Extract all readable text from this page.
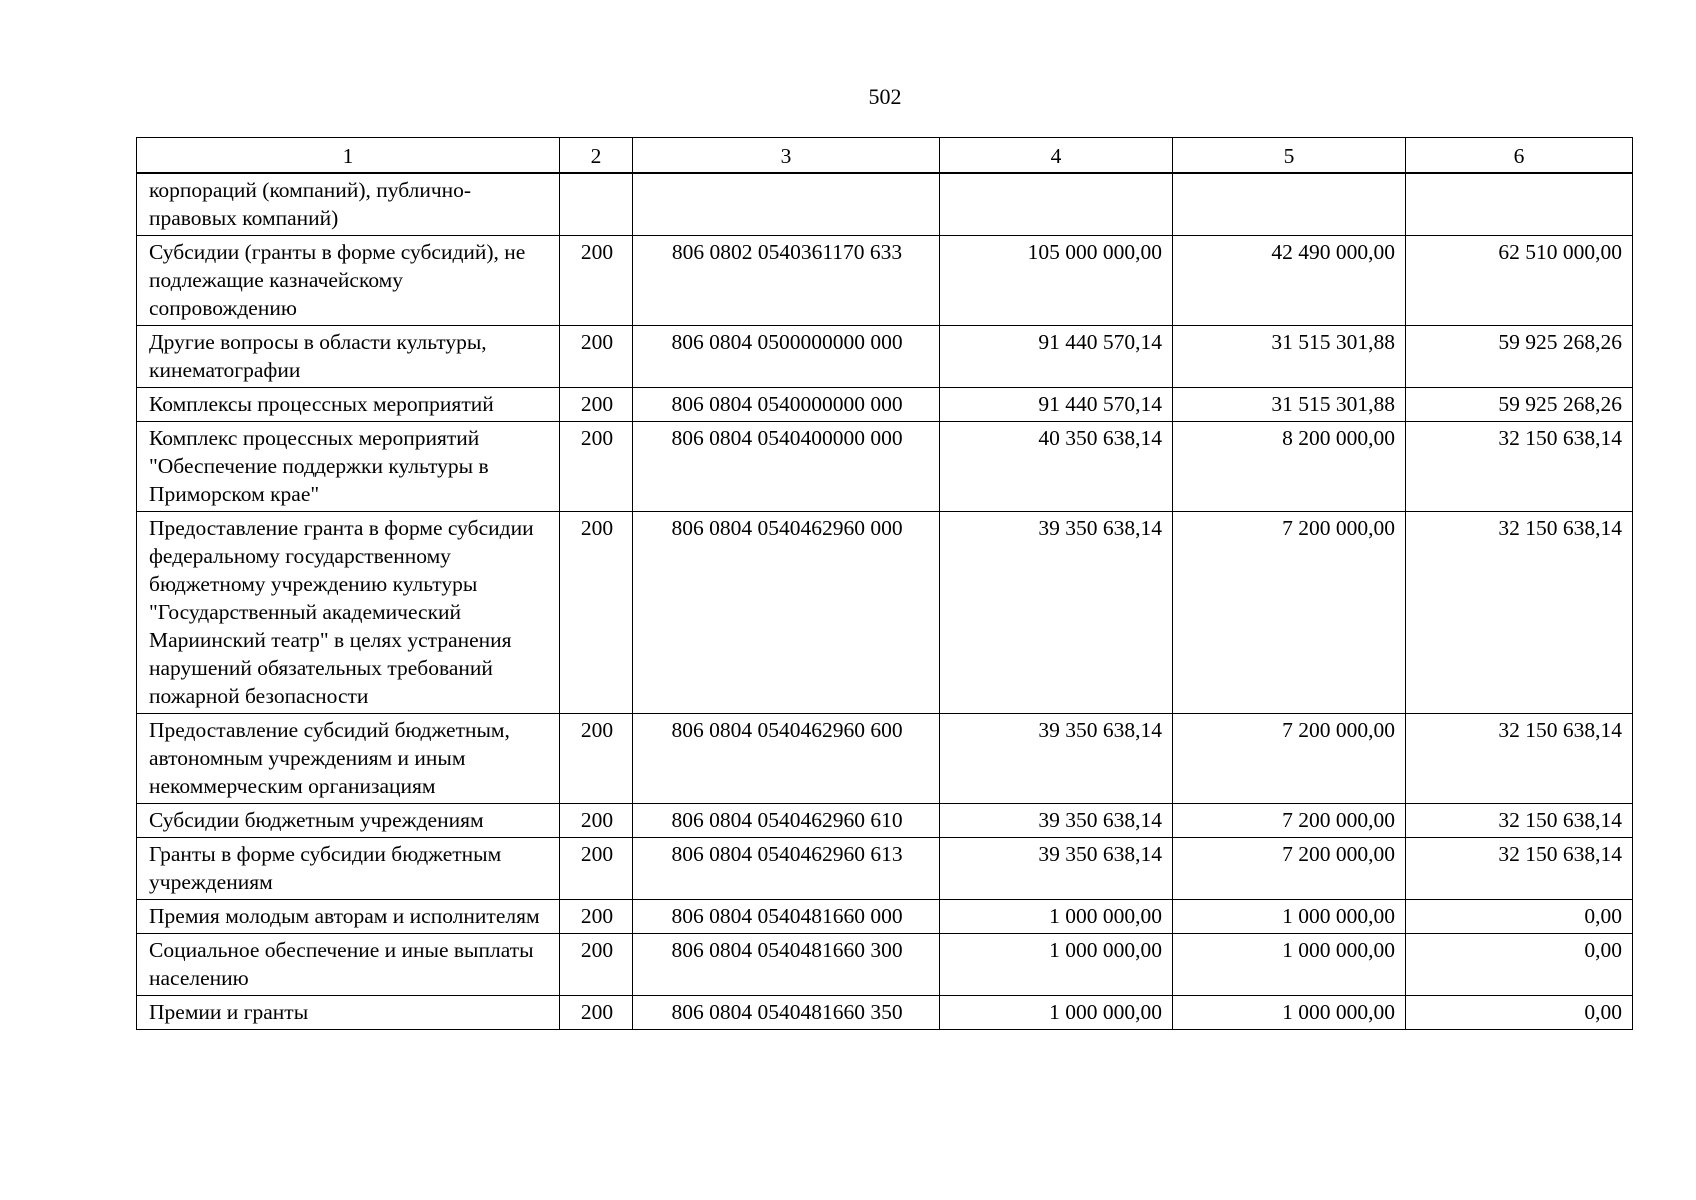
502
1	2	3	4	5	6
корпораций (компаний), публично-правовых компаний)					
Субсидии (гранты в форме субсидий), не подлежащие казначейскому сопровождению	200	806 0802 0540361170 633	105 000 000,00	42 490 000,00	62 510 000,00
Другие вопросы в области культуры, кинематографии	200	806 0804 0500000000 000	91 440 570,14	31 515 301,88	59 925 268,26
Комплексы процессных мероприятий	200	806 0804 0540000000 000	91 440 570,14	31 515 301,88	59 925 268,26
Комплекс процессных мероприятий "Обеспечение поддержки культуры в Приморском крае"	200	806 0804 0540400000 000	40 350 638,14	8 200 000,00	32 150 638,14
Предоставление гранта в форме субсидии федеральному государственному бюджетному учреждению культуры "Государственный академический Мариинский театр" в целях устранения нарушений обязательных требований пожарной безопасности	200	806 0804 0540462960 000	39 350 638,14	7 200 000,00	32 150 638,14
Предоставление субсидий бюджетным, автономным учреждениям и иным некоммерческим организациям	200	806 0804 0540462960 600	39 350 638,14	7 200 000,00	32 150 638,14
Субсидии бюджетным учреждениям	200	806 0804 0540462960 610	39 350 638,14	7 200 000,00	32 150 638,14
Гранты в форме субсидии бюджетным учреждениям	200	806 0804 0540462960 613	39 350 638,14	7 200 000,00	32 150 638,14
Премия молодым авторам и исполнителям	200	806 0804 0540481660 000	1 000 000,00	1 000 000,00	0,00
Социальное обеспечение и иные выплаты населению	200	806 0804 0540481660 300	1 000 000,00	1 000 000,00	0,00
Премии и гранты	200	806 0804 0540481660 350	1 000 000,00	1 000 000,00	0,00
